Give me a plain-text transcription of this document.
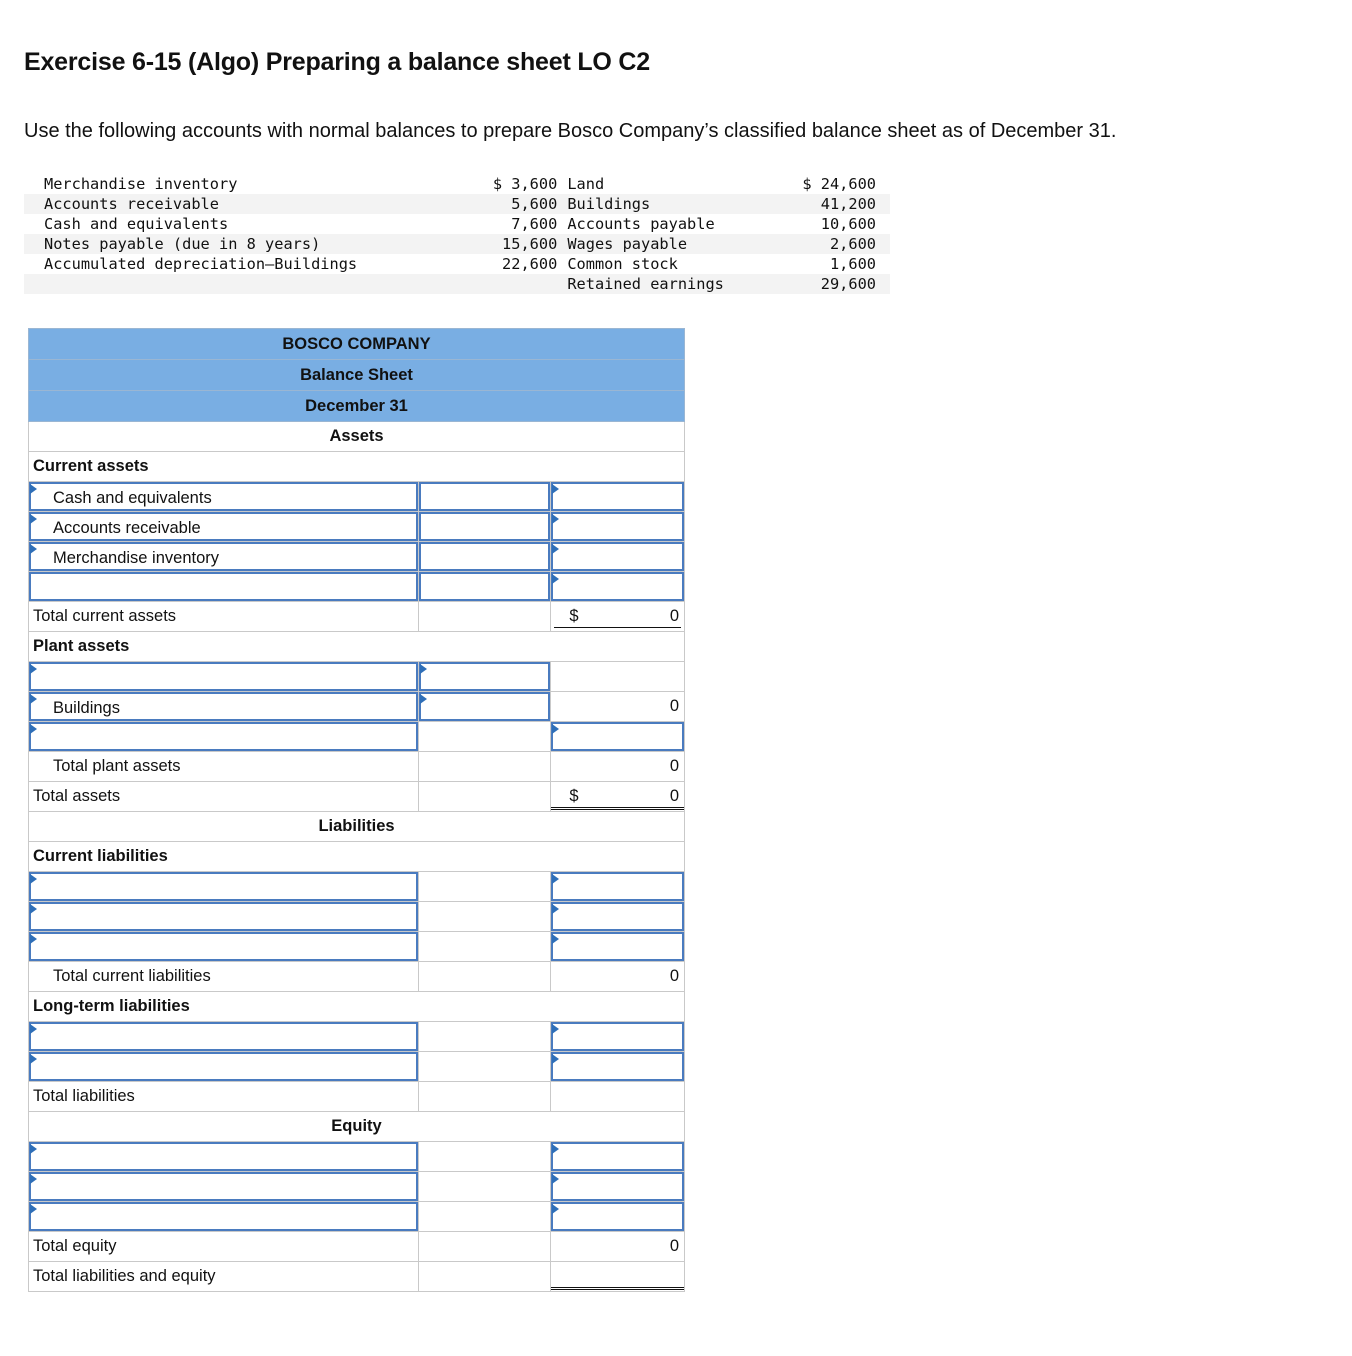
Exercise 6-15 (Algo) Preparing a balance sheet LO C2

Use the following accounts with normal balances to prepare Bosco Company’s classified balance sheet as of December 31.

Merchandise inventory	$ 3,600	Land	$ 24,600
Accounts receivable	5,600	Buildings	41,200
Cash and equivalents	7,600	Accounts payable	10,600
Notes payable (due in 8 years)	15,600	Wages payable	2,600
Accumulated depreciation—Buildings	22,600	Common stock	1,600
		Retained earnings	29,600
BOSCO COMPANY		
Balance Sheet		
December 31		
Assets		
Current assets		

Cash and equivalents		

Accounts receivable		

Merchandise inventory		

Total current assets		$ 0

Plant assets		

Buildings		0

Total plant assets		0

Total assets		$ 0

Liabilities		
Current liabilities		

Total current liabilities		0

Long-term liabilities		

Total liabilities		
Equity		

Total equity		0

Total liabilities and equity		
